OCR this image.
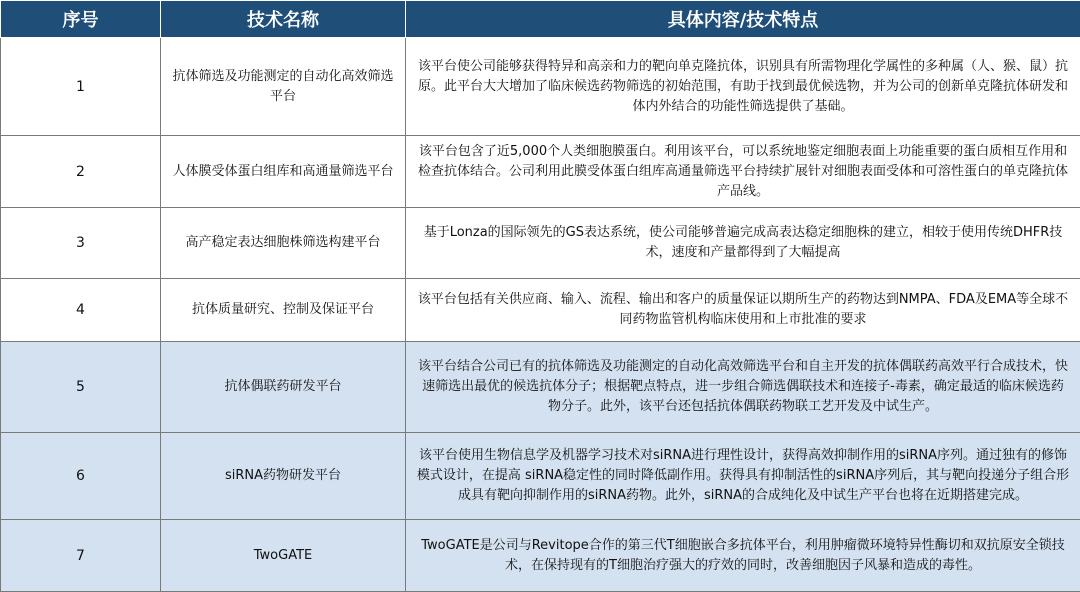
序号	技术名称	具体内容/技术特点
1	抗体筛选及功能测定的自动化高效筛选平台	该平台使公司能够获得特异和高亲和力的靶向单克隆抗体，识别具有所需物理化学属性的多种属（人、猴、鼠）抗原。此平台大大增加了临床候选药物筛选的初始范围，有助于找到最优候选物，并为公司的创新单克隆抗体研发和体内外结合的功能性筛选提供了基础。
2	人体膜受体蛋白组库和高通量筛选平台	该平台包含了近5,000个人类细胞膜蛋白。利用该平台，可以系统地鉴定细胞表面上功能重要的蛋白质相互作用和检查抗体结合。公司利用此膜受体蛋白组库高通量筛选平台持续扩展针对细胞表面受体和可溶性蛋白的单克隆抗体产品线。
3	高产稳定表达细胞株筛选构建平台	基于Lonza的国际领先的GS表达系统，使公司能够普遍完成高表达稳定细胞株的建立，相较于使用传统DHFR技术，速度和产量都得到了大幅提高
4	抗体质量研究、控制及保证平台	该平台包括有关供应商、输入、流程、输出和客户的质量保证以期所生产的药物达到NMPA、FDA及EMA等全球不同药物监管机构临床使用和上市批准的要求
5	抗体偶联药研发平台	该平台结合公司已有的抗体筛选及功能测定的自动化高效筛选平台和自主开发的抗体偶联药高效平行合成技术，快速筛选出最优的候选抗体分子；根据靶点特点，进一步组合筛选偶联技术和连接子-毒素，确定最适的临床候选药物分子。此外，该平台还包括抗体偶联药物联工艺开发及中试生产。
6	siRNA药物研发平台	该平台使用生物信息学及机器学习技术对siRNA进行理性设计，获得高效抑制作用的siRNA序列。通过独有的修饰模式设计，在提高 siRNA稳定性的同时降低副作用。获得具有抑制活性的siRNA序列后，其与靶向投递分子组合形成具有靶向抑制作用的siRNA药物。此外，siRNA的合成纯化及中试生产平台也将在近期搭建完成。
7	TwoGATE	TwoGATE是公司与Revitope合作的第三代T细胞嵌合多抗体平台，利用肿瘤微环境特异性酶切和双抗原安全锁技术，在保持现有的T细胞治疗强大的疗效的同时，改善细胞因子风暴和造成的毒性。
